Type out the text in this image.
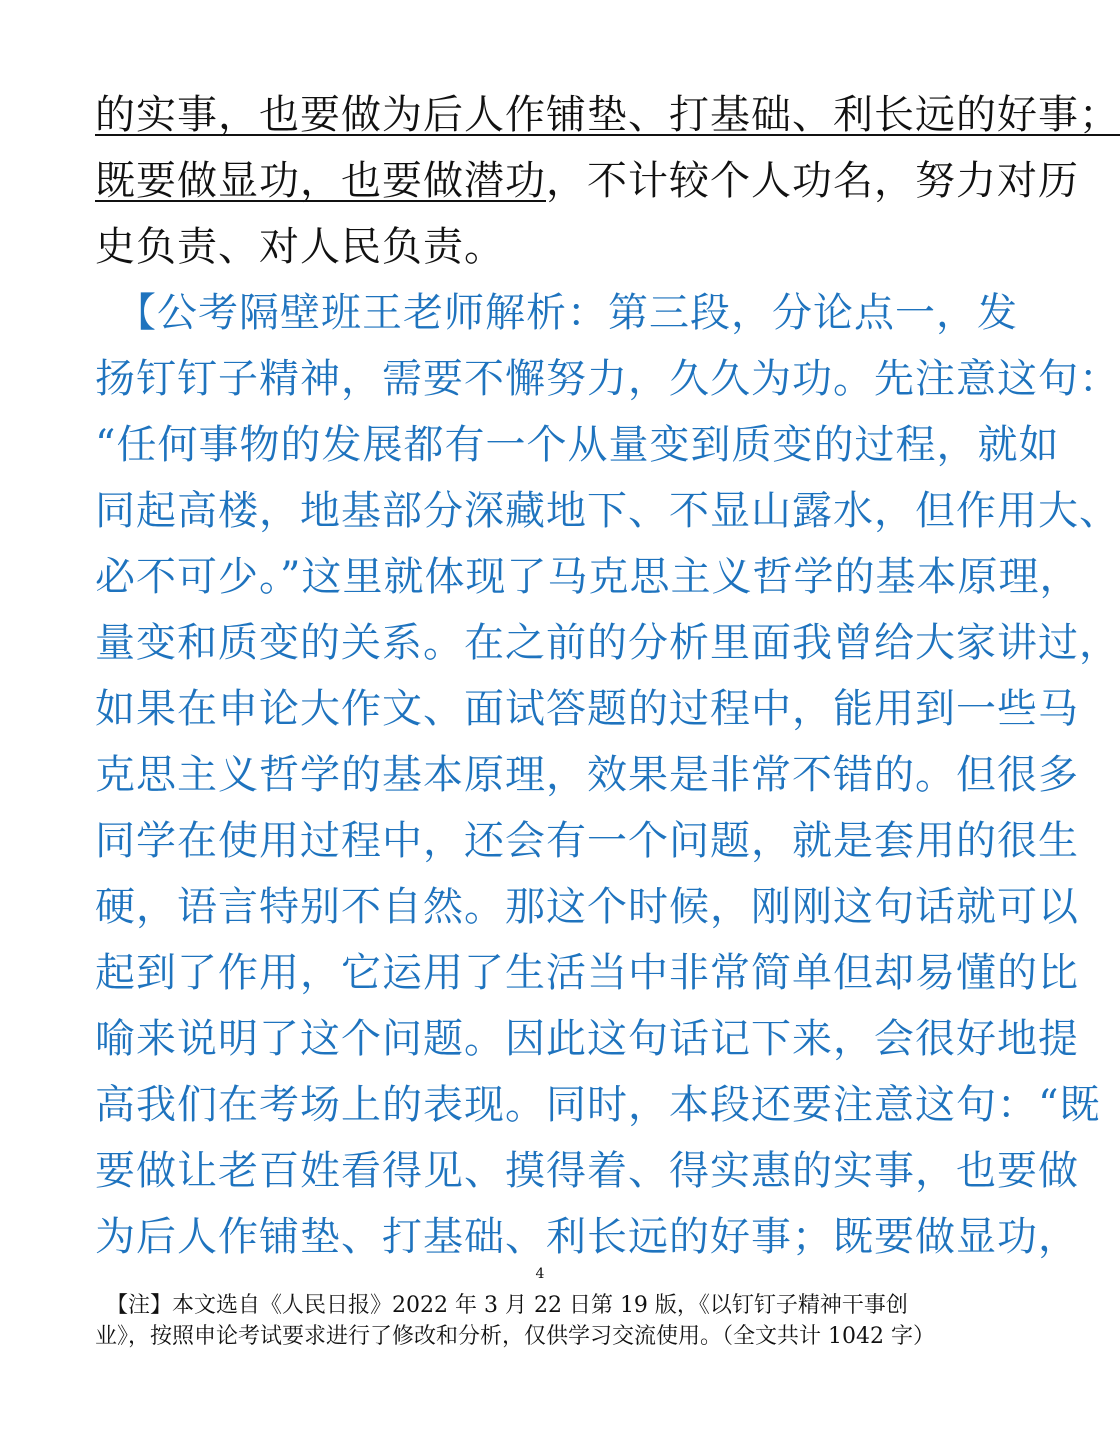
的实事，也要做为后人作铺垫、打基础、利长远的好事；
既要做显功，也要做潜功，不计较个人功名，努力对历
史负责、对人民负责。
　【公考隔壁班王老师解析：第三段，分论点一，发
扬钉钉子精神，需要不懈努力，久久为功。先注意这句：
“任何事物的发展都有一个从量变到质变的过程，就如
同起高楼，地基部分深藏地下、不显山露水，但作用大、
必不可少。”这里就体现了马克思主义哲学的基本原理，
量变和质变的关系。在之前的分析里面我曾给大家讲过，
如果在申论大作文、面试答题的过程中，能用到一些马
克思主义哲学的基本原理，效果是非常不错的。但很多
同学在使用过程中，还会有一个问题，就是套用的很生
硬，语言特别不自然。那这个时候，刚刚这句话就可以
起到了作用，它运用了生活当中非常简单但却易懂的比
喻来说明了这个问题。因此这句话记下来，会很好地提
高我们在考场上的表现。同时，本段还要注意这句：“既
要做让老百姓看得见、摸得着、得实惠的实事，也要做
为后人作铺垫、打基础、利长远的好事；既要做显功，
4
　【注】本文选自《人民日报》2022 年 3 月 22 日第 19 版，《以钉钉子精神干事创
业》，按照申论考试要求进行了修改和分析，仅供学习交流使用。（全文共计 1042 字）
